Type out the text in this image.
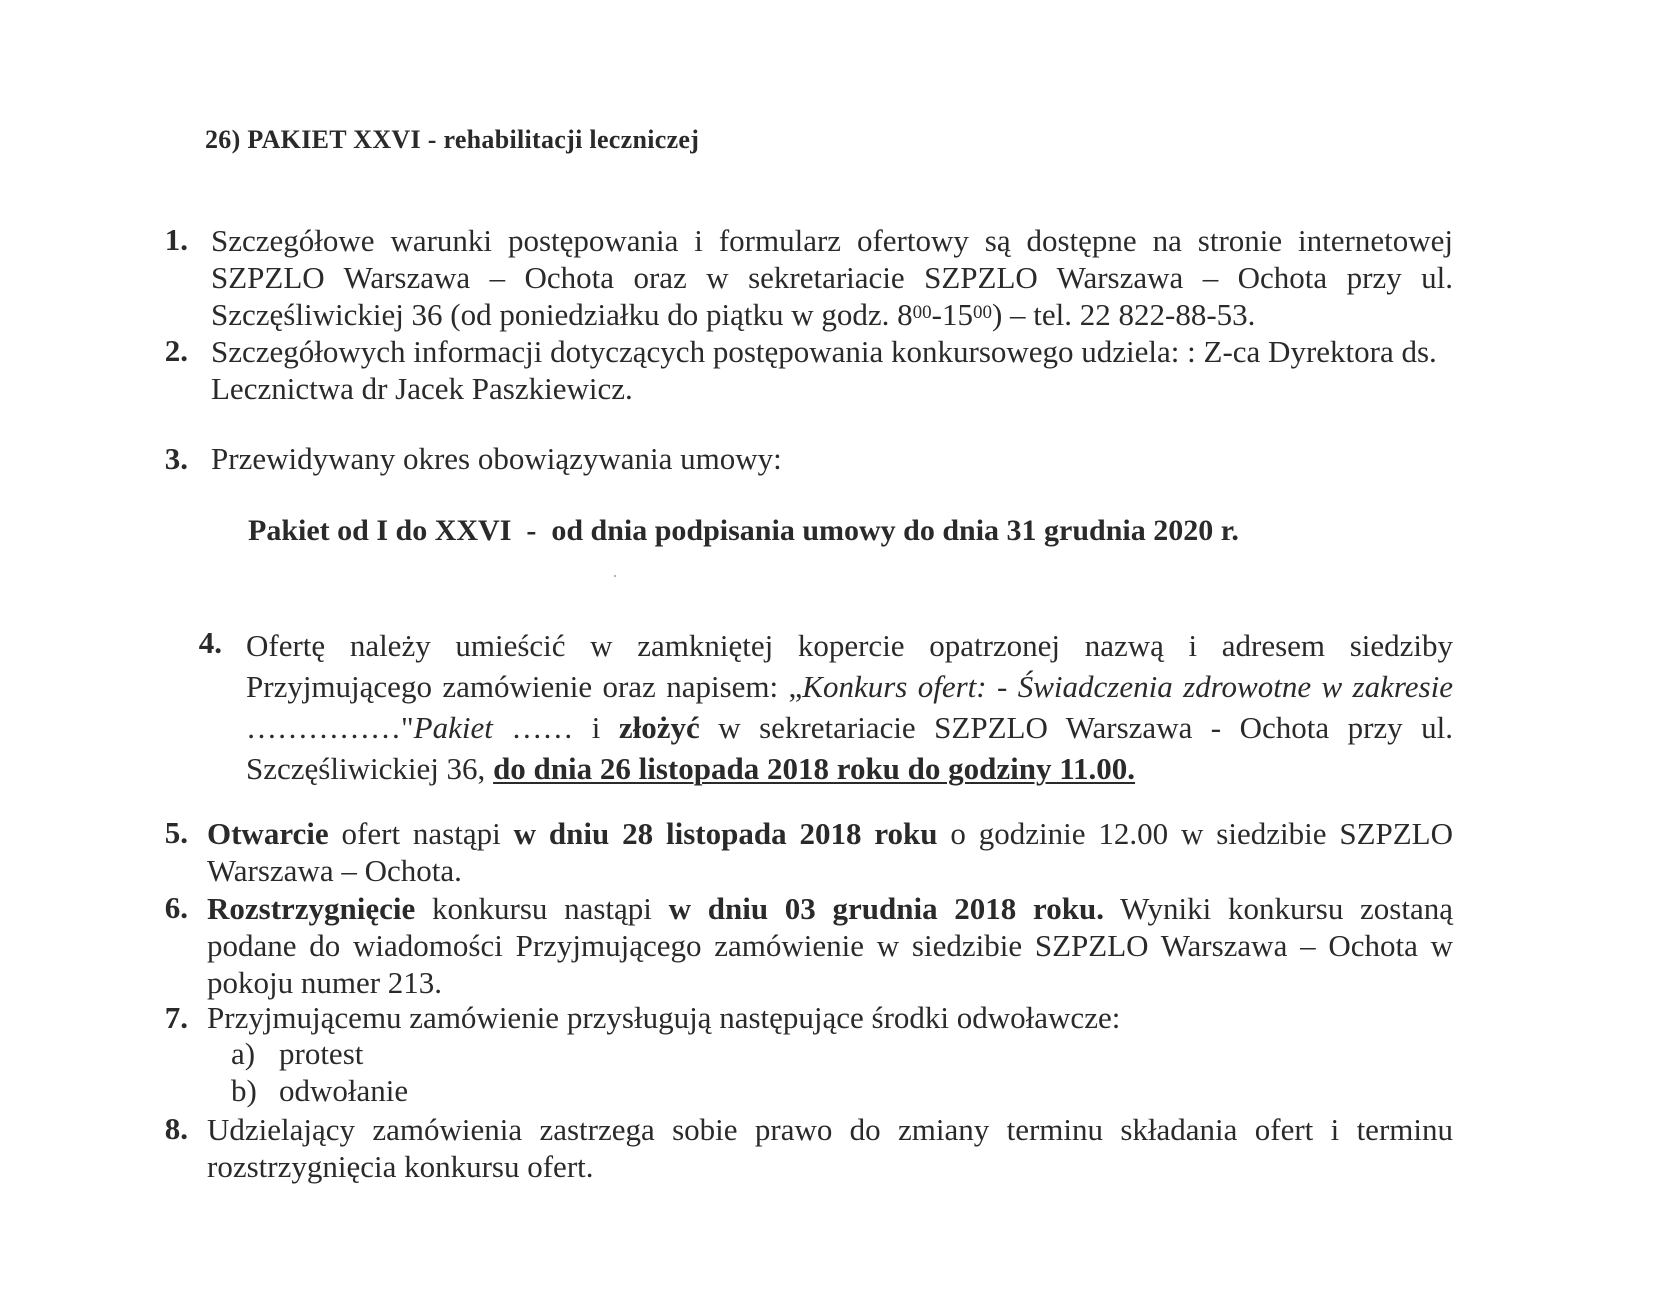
26) PAKIET XXVI - rehabilitacji leczniczej
1. Szczegółowe warunki postępowania i formularz ofertowy są dostępne na stronie internetowej
SZPZLO Warszawa – Ochota oraz w sekretariacie SZPZLO Warszawa – Ochota przy ul.
Szczęśliwickiej 36 (od poniedziałku do piątku w godz. $8^{00}-15^{00}$) – tel. 22 822-88-53.
2. Szczegółowych informacji dotyczących postępowania konkursowego udziela: : Z-ca Dyrektora ds.
Lecznictwa dr Jacek Paszkiewicz.
3. Przewidywany okres obowiązywania umowy:
Pakiet od I do XXVI  -  od dnia podpisania umowy do dnia 31 grudnia 2020 r.
4. Ofertę należy umieścić w zamkniętej kopercie opatrzonej nazwą i adresem siedziby
Przyjmującego zamówienie oraz napisem: „Konkurs ofert: - Świadczenia zdrowotne w zakresie
……………"Pakiet …… i złożyć w sekretariacie SZPZLO Warszawa - Ochota przy ul.
Szczęśliwickiej 36, do dnia 26 listopada 2018 roku do godziny 11.00.
5. Otwarcie ofert nastąpi w dniu 28 listopada 2018 roku o godzinie 12.00 w siedzibie SZPZLO
Warszawa – Ochota.
6. Rozstrzygnięcie konkursu nastąpi w dniu 03 grudnia 2018 roku. Wyniki konkursu zostaną
podane do wiadomości Przyjmującego zamówienie w siedzibie SZPZLO Warszawa – Ochota w
pokoju numer 213.
7. Przyjmującemu zamówienie przysługują następujące środki odwoławcze:
a) protest
b) odwołanie
8. Udzielający zamówienia zastrzega sobie prawo do zmiany terminu składania ofert i terminu
rozstrzygnięcia konkursu ofert.
